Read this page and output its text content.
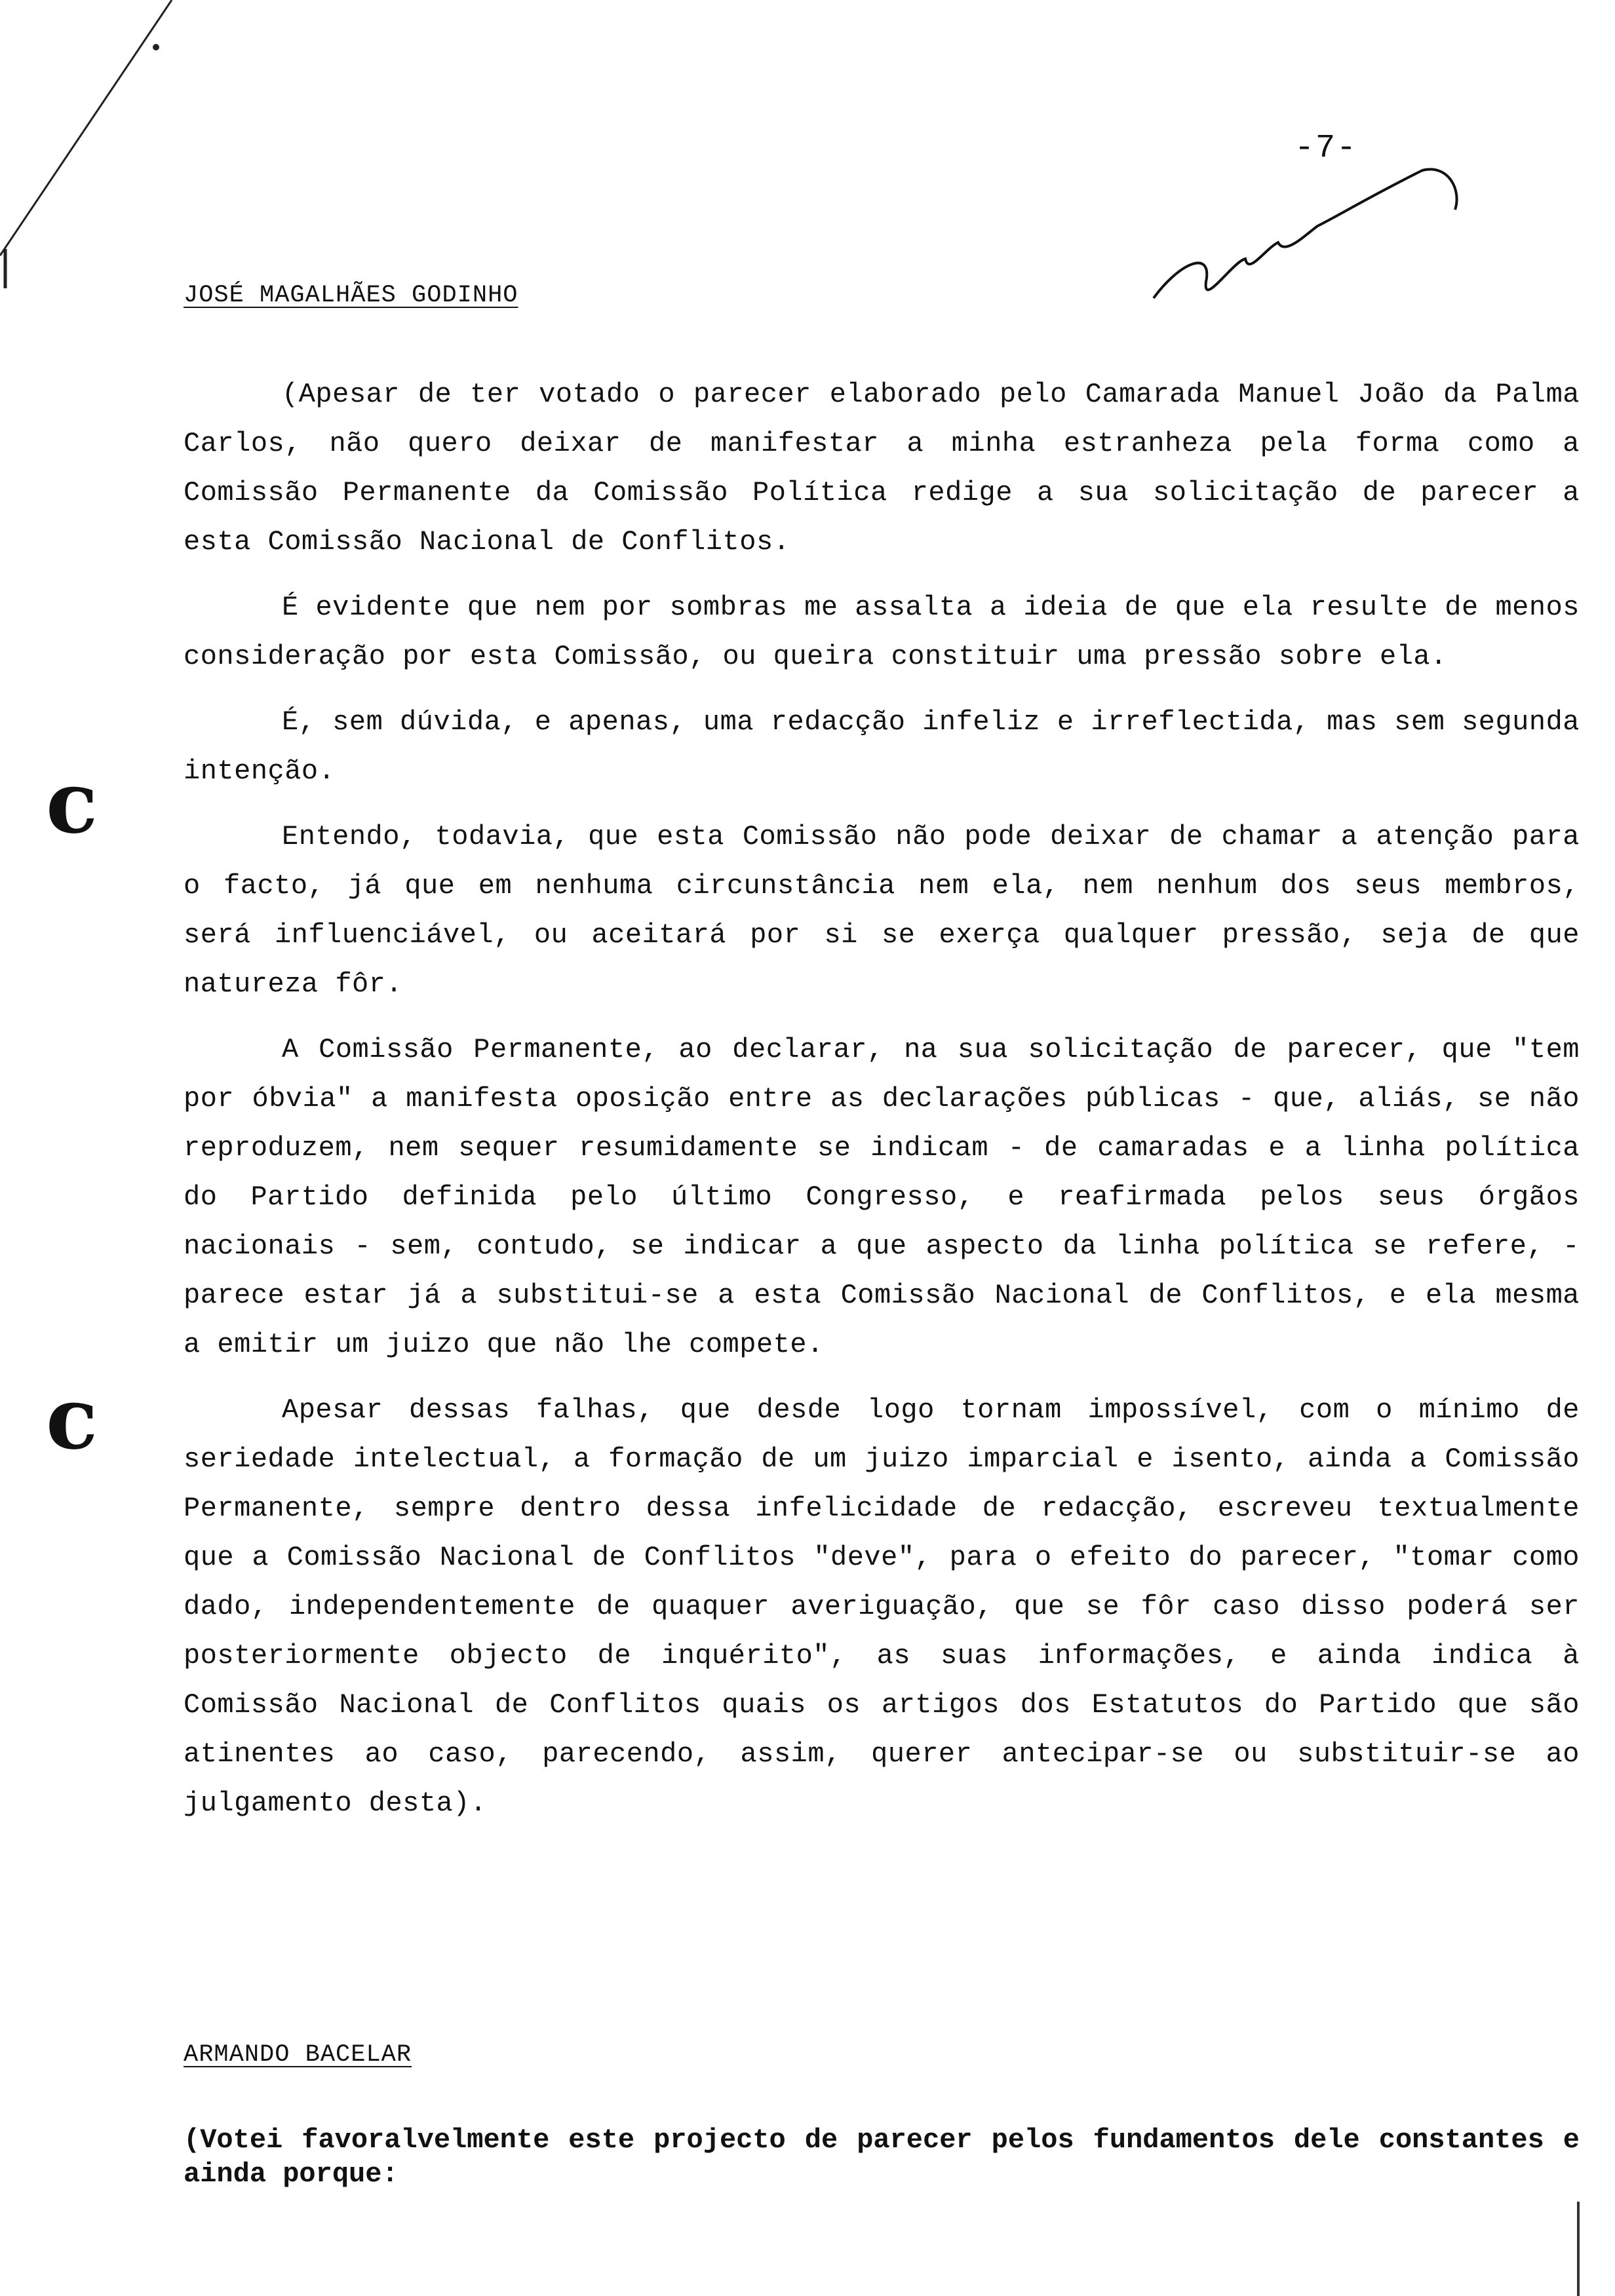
-7-
JOSÉ MAGALHÃES GODINHO

(Apesar de ter votado o parecer elaborado pelo Camarada Manuel João da Palma Carlos, não quero deixar de manifestar a minha estranheza pela forma como a Comissão Permanente da Comissão Política redige a sua solicitação de parecer a esta Comissão Nacional de Conflitos.

É evidente que nem por sombras me assalta a ideia de que ela resulte de menos consideração por esta Comissão, ou queira constituir uma pressão sobre ela.

É, sem dúvida, e apenas, uma redacção infeliz e irreflectida, mas sem segunda intenção.

Entendo, todavia, que esta Comissão não pode deixar de chamar a atenção para o facto, já que em nenhuma circunstância nem ela, nem nenhum dos seus membros, será influenciável, ou aceitará por si se exerça qualquer pressão, seja de que natureza fôr.

A Comissão Permanente, ao declarar, na sua solicitação de parecer, que "tem por óbvia" a manifesta oposição entre as declarações públicas - que, aliás, se não reproduzem, nem sequer resumidamente se indicam - de camaradas e a linha política do Partido definida pelo último Congresso, e reafirmada pelos seus órgãos nacionais - sem, contudo, se indicar a que aspecto da linha política se refere, - parece estar já a substitui-se a esta Comissão Nacional de Conflitos, e ela mesma a emitir um juizo que não lhe compete.

Apesar dessas falhas, que desde logo tornam impossível, com o mínimo de seriedade intelectual, a formação de um juizo imparcial e isento, ainda a Comissão Permanente, sempre dentro dessa infelicidade de redacção, escreveu textualmente que a Comissão Nacional de Conflitos "deve", para o efeito do parecer, "tomar como dado, independentemente de quaquer averiguação, que se fôr caso disso poderá ser posteriormente objecto de inquérito", as suas informações, e ainda indica à Comissão Nacional de Conflitos quais os artigos dos Estatutos do Partido que são atinentes ao caso, parecendo, assim, querer antecipar-se ou substituir-se ao julgamento desta).

c
c
ARMANDO BACELAR
(Votei favoralvelmente este projecto de parecer pelos fundamentos dele constantes e ainda porque:
